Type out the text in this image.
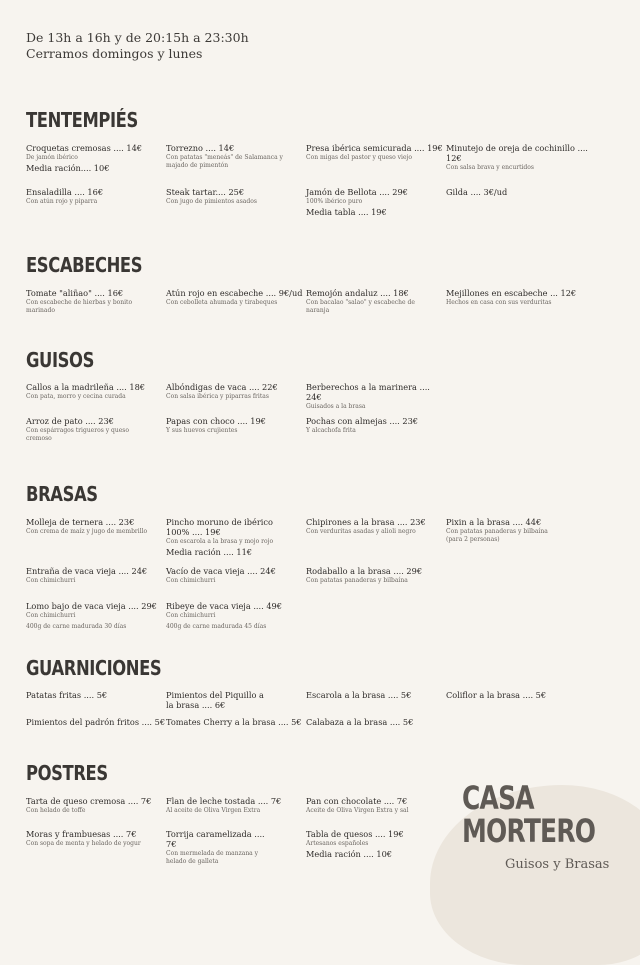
De 13h a 16h y de 20:15h a 23:30h
Cerramos domingos y lunes
TENTEMPIÉS
ESCABECHES
GUISOS
BRASAS
GUARNICIONES
POSTRES
Croquetas cremosas .... 14€
De jamón ibérico
Media ración.... 10€
Torrezno .... 14€
Con patatas "meneás" de Salamanca y majado de pimentón
Presa ibérica semicurada .... 19€
Con migas del pastor y queso viejo
Minutejo de oreja de cochinillo .... 12€
Con salsa brava y encurtidos
Ensaladilla .... 16€
Con atún rojo y piparra
Steak tartar.... 25€
Con jugo de pimientos asados
Jamón de Bellota .... 29€
100% ibérico puro
Media tabla .... 19€
Gilda .... 3€/ud
Tomate "aliñao" .... 16€
Con escabeche de hierbas y bonito marinado
Atún rojo en escabeche .... 9€/ud
Con cebolleta ahumada y tirabeques
Remojón andaluz .... 18€
Con bacalao "salao" y escabeche de naranja
Mejillones en escabeche ... 12€
Hechos en casa con sus verduritas
Callos a la madrileña .... 18€
Con pata, morro y cecina curada
Albóndigas de vaca .... 22€
Con salsa ibérica y piparras fritas
Berberechos a la marinera .... 24€
Guisados a la brasa
Arroz de pato .... 23€
Con espárragos trigueros y queso cremoso
Papas con choco .... 19€
Y sus huevos crujientes
Pochas con almejas .... 23€
Y alcachofa frita
Molleja de ternera .... 23€
Con crema de maíz y jugo de membrillo
Pincho moruno de ibérico 100% .... 19€
Con escarola a la brasa y mojo rojo
Media ración .... 11€
Chipirones a la brasa .... 23€
Con verduritas asadas y alioli negro
Pixin a la brasa .... 44€
Con patatas panaderas y bilbaína (para 2 personas)
Entraña de vaca vieja .... 24€
Con chimichurri
Vacío de vaca vieja .... 24€
Con chimichurri
Rodaballo a la brasa .... 29€
Con patatas panaderas y bilbaína
Lomo bajo de vaca vieja .... 29€
Con chimichurri
400g de carne madurada 30 días
Ribeye de vaca vieja .... 49€
Con chimichurri
400g de carne madurada 45 días
Patatas fritas .... 5€	Pimientos del Piquillo a la brasa .... 6€
Escarola a la brasa .... 5€	Coliflor a la brasa .... 5€
Pimientos del padrón fritos .... 5€ Tomates Cherry a la brasa .... 5€ Calabaza a la brasa .... 5€
Tarta de queso cremosa .... 7€
Con helado de toffe
Flan de leche tostada .... 7€
Al aceite de Oliva Virgen Extra
Pan con chocolate .... 7€
Aceite de Oliva Virgen Extra y sal
Moras y frambuesas .... 7€
Con sopa de menta y helado de yogur
Torrija caramelizada .... 7€
Con mermelada de manzana y helado de galleta
Tabla de quesos .... 19€
Artesanos españoles
Media ración .... 10€
CASA
MORTERO
Guisos y Brasas
